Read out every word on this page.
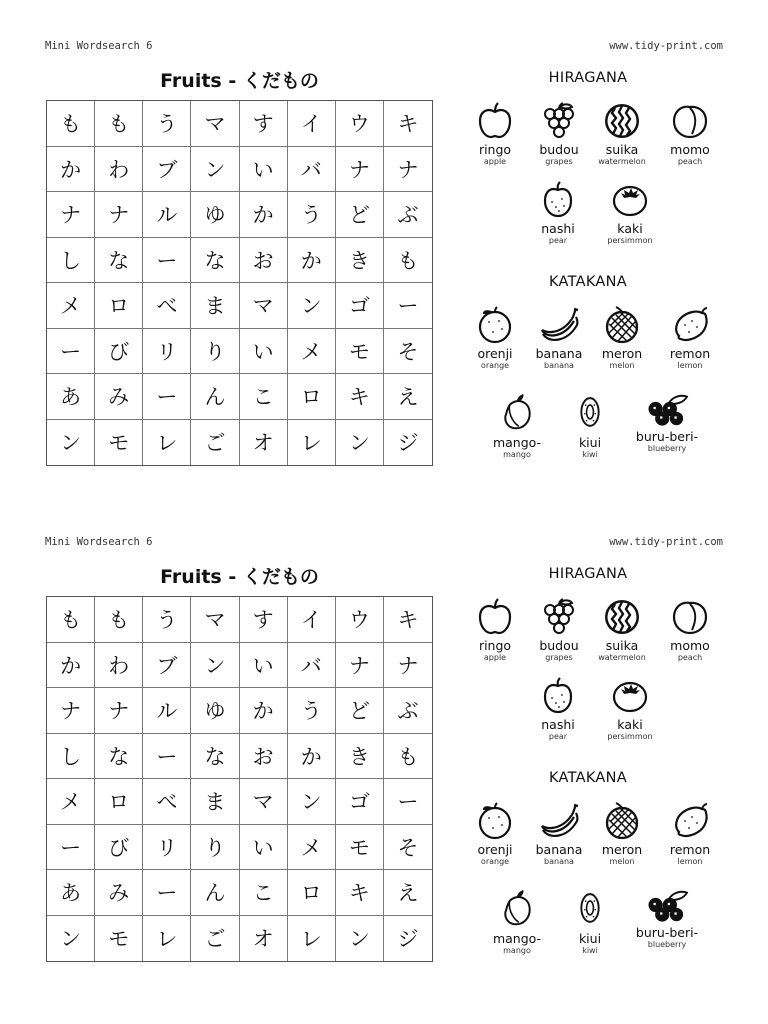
Mini Wordsearch 6	www.tidy-print.com
Fruits - くだもの
も	も	う	マ	す	イ	ウ	キ
か	わ	ブ	ン	い	バ	ナ	ナ
ナ	ナ	ル	ゆ	か	う	ど	ぶ
し	な	ー	な	お	か	き	も
メ	ロ	べ	ま	マ	ン	ゴ	ー
ー	び	リ	り	い	メ	モ	そ
あ	み	ー	ん	こ	ロ	キ	え
ン	モ	レ	ご	オ	レ	ン	ジ
HIRAGANA
ringo
apple
budou
grapes
suika
watermelon
momo
peach
nashi
pear
kaki
persimmon
KATAKANA
orenji
orange
banana
banana
meron
melon
remon
lemon
mango-
mango
kiui
kiwi
buru-beri-
blueberry
Mini Wordsearch 6	www.tidy-print.com
Fruits - くだもの
も	も	う	マ	す	イ	ウ	キ
か	わ	ブ	ン	い	バ	ナ	ナ
ナ	ナ	ル	ゆ	か	う	ど	ぶ
し	な	ー	な	お	か	き	も
メ	ロ	べ	ま	マ	ン	ゴ	ー
ー	び	リ	り	い	メ	モ	そ
あ	み	ー	ん	こ	ロ	キ	え
ン	モ	レ	ご	オ	レ	ン	ジ
HIRAGANA
ringo
apple
budou
grapes
suika
watermelon
momo
peach
nashi
pear
kaki
persimmon
KATAKANA
orenji
orange
banana
banana
meron
melon
remon
lemon
mango-
mango
kiui
kiwi
buru-beri-
blueberry
